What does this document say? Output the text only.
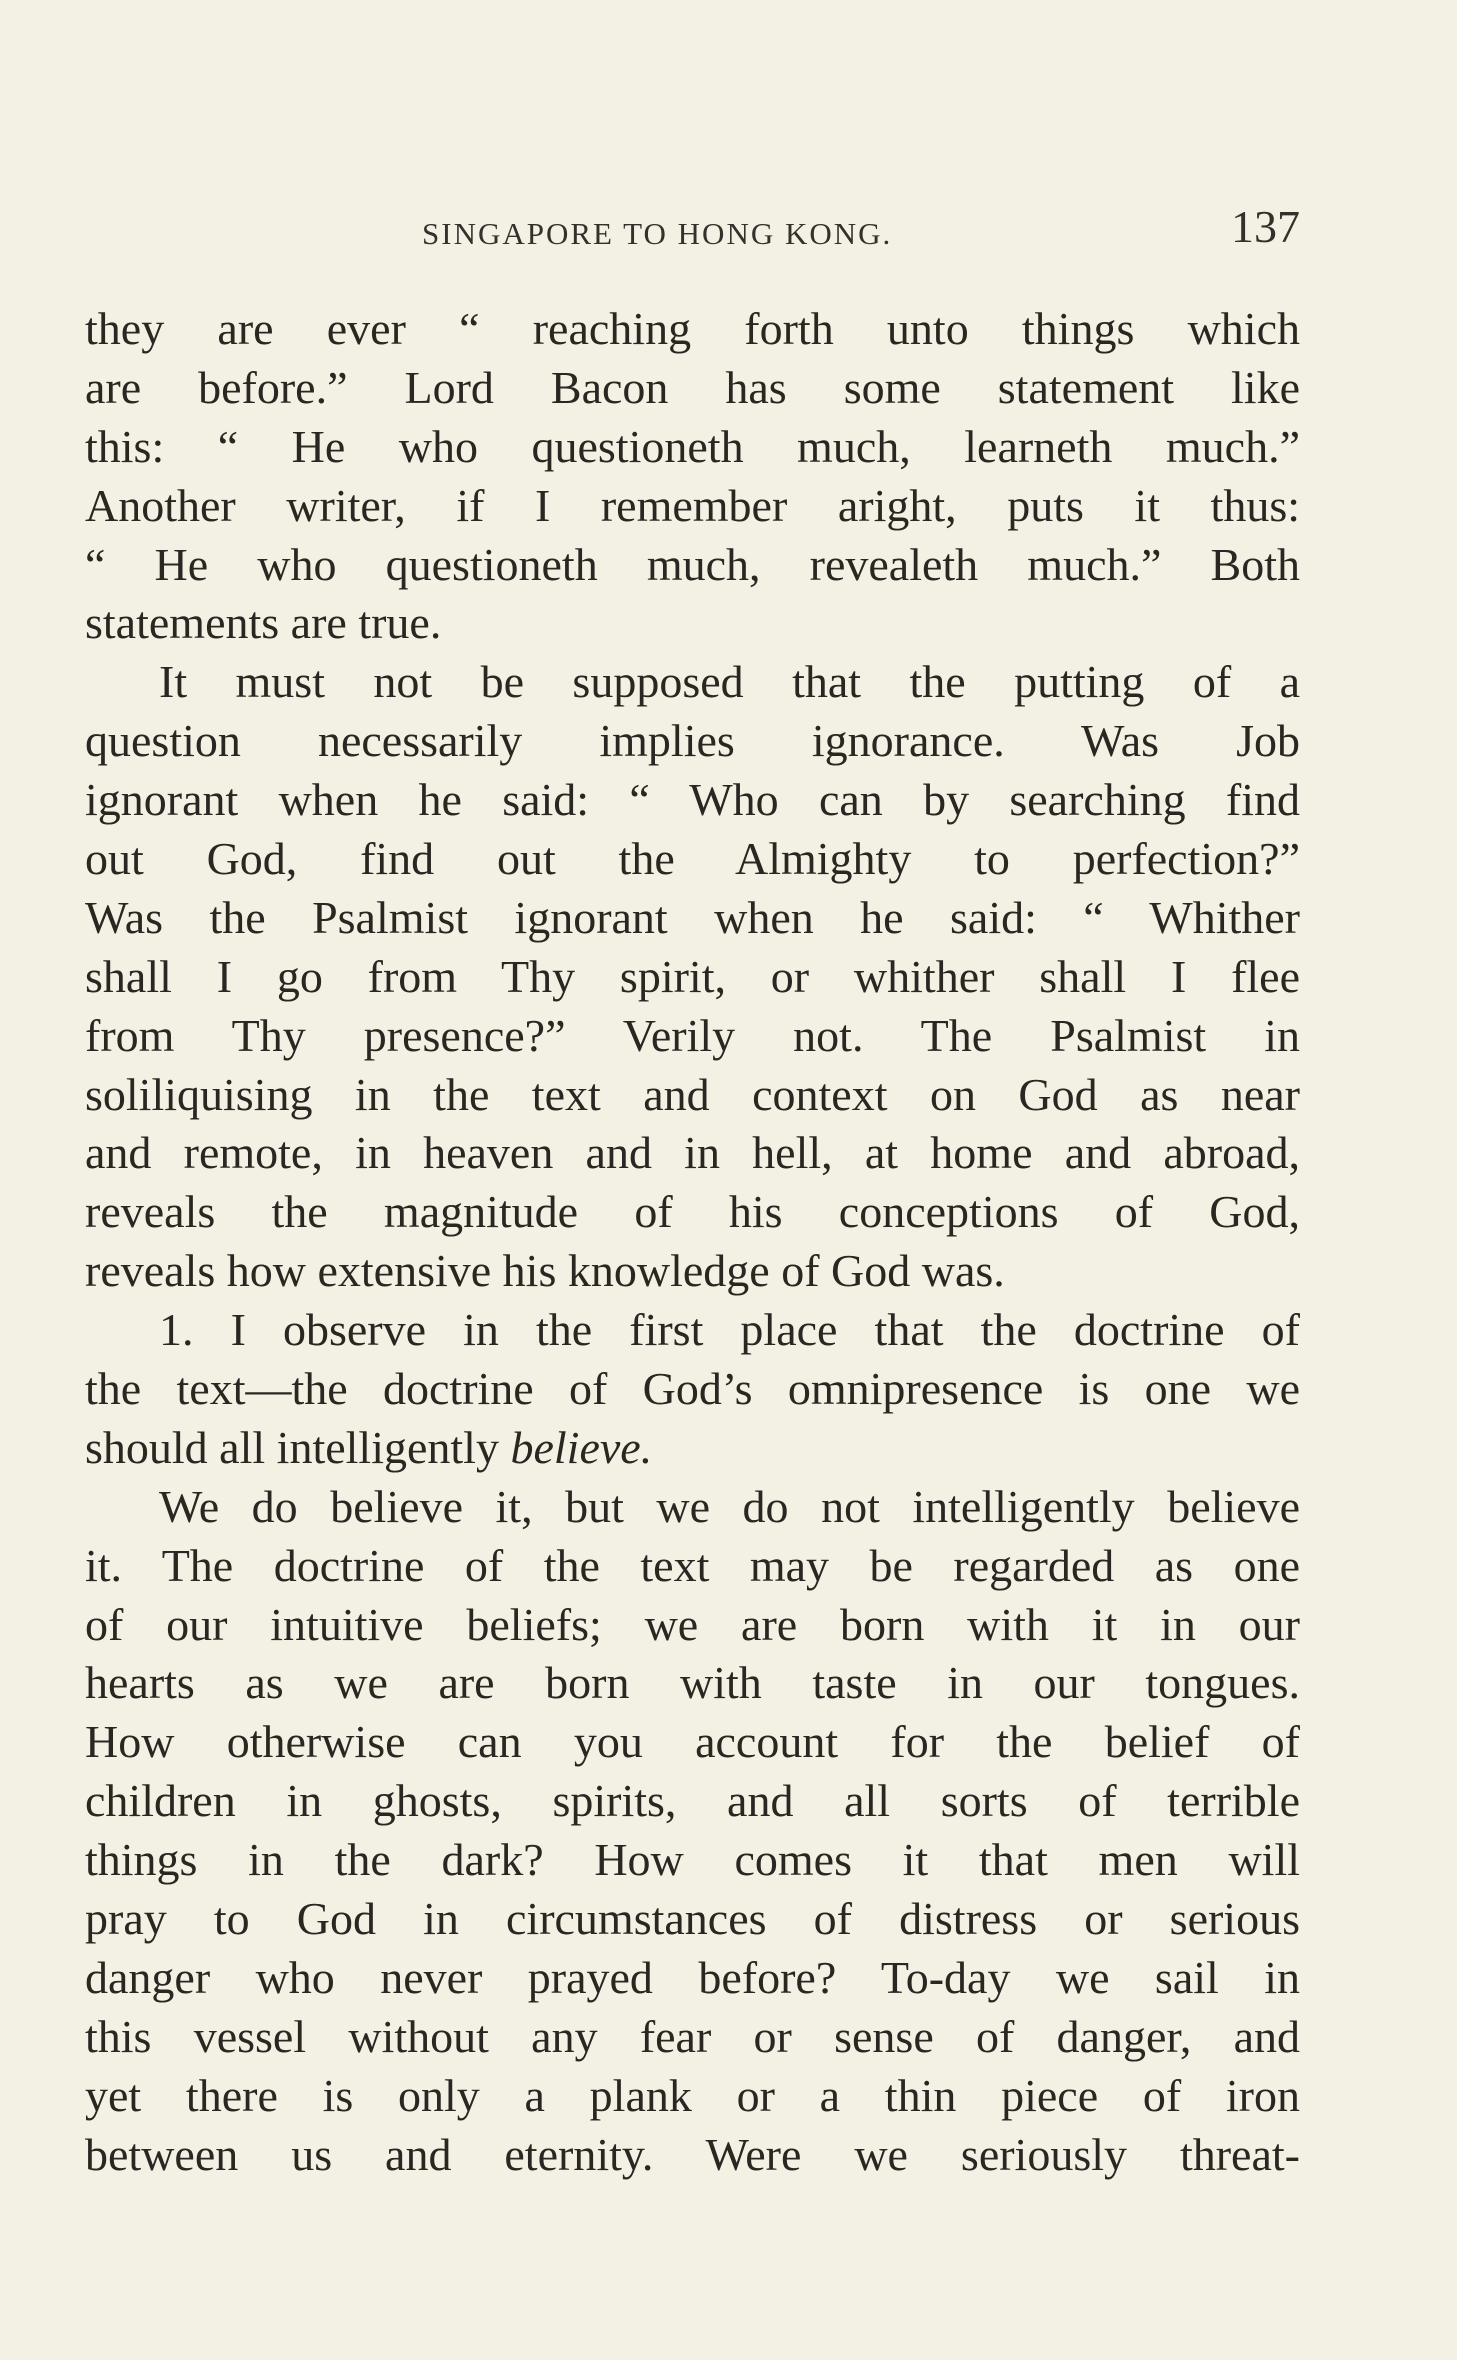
SINGAPORE TO HONG KONG.	137
they are ever “ reaching forth unto things which
are before.” Lord Bacon has some statement like
this: “ He who questioneth much, learneth much.”
Another writer, if I remember aright, puts it thus:
“ He who questioneth much, revealeth much.” Both
statements are true.
It must not be supposed that the putting of a
question necessarily implies ignorance. Was Job
ignorant when he said: “ Who can by searching find
out God, find out the Almighty to perfection?”
Was the Psalmist ignorant when he said: “ Whither
shall I go from Thy spirit, or whither shall I flee
from Thy presence?” Verily not. The Psalmist in
soliliquising in the text and context on God as near
and remote, in heaven and in hell, at home and abroad,
reveals the magnitude of his conceptions of God,
reveals how extensive his knowledge of God was.
1. I observe in the first place that the doctrine of
the text—the doctrine of God’s omnipresence is one we
should all intelligently believe.
We do believe it, but we do not intelligently believe
it. The doctrine of the text may be regarded as one
of our intuitive beliefs; we are born with it in our
hearts as we are born with taste in our tongues.
How otherwise can you account for the belief of
children in ghosts, spirits, and all sorts of terrible
things in the dark? How comes it that men will
pray to God in circumstances of distress or serious
danger who never prayed before? To-day we sail in
this vessel without any fear or sense of danger, and
yet there is only a plank or a thin piece of iron
between us and eternity. Were we seriously threat-
